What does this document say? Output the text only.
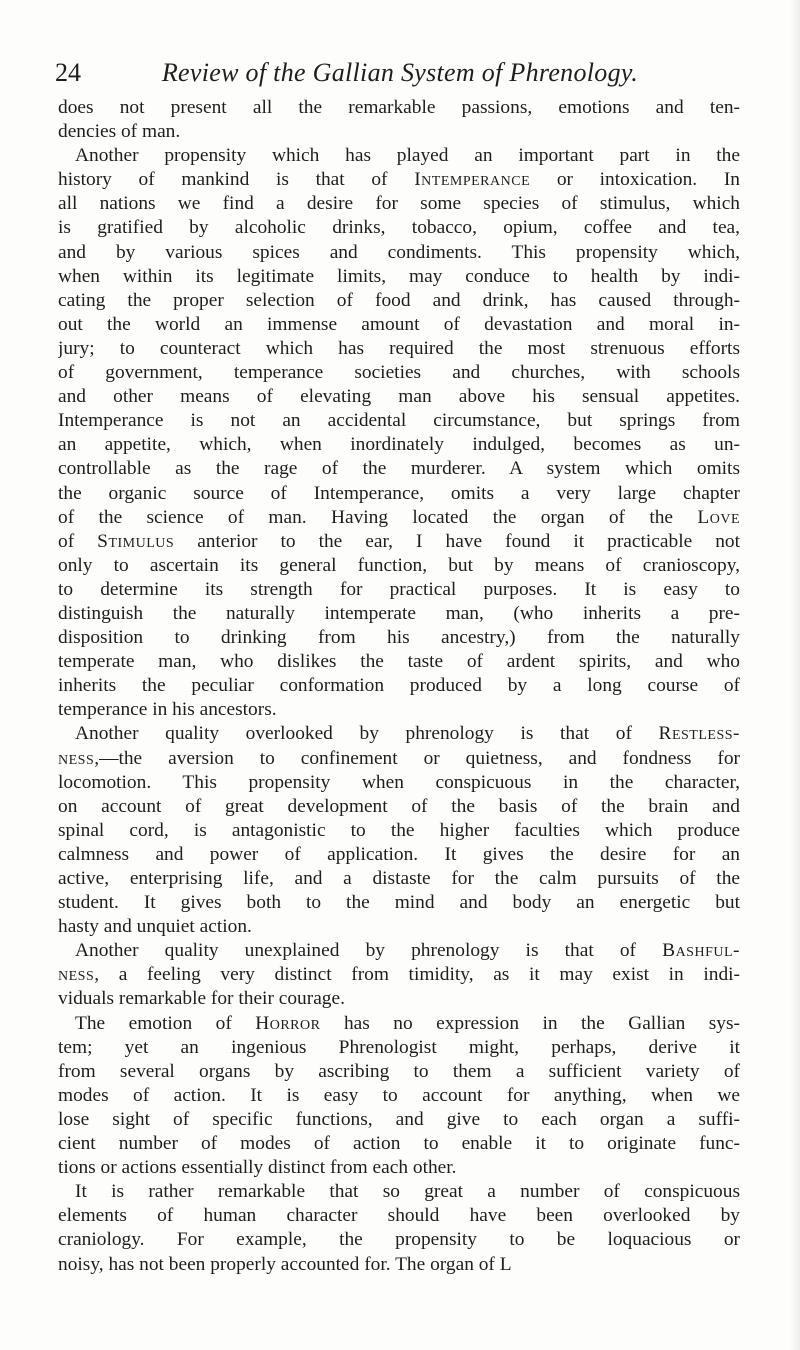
24	Review of the Gallian System of Phrenology.
does not present all the remarkable passions, emotions and ten-
dencies of man.
Another propensity which has played an important part in the
history of mankind is that of Intemperance or intoxication. In
all nations we find a desire for some species of stimulus, which
is gratified by alcoholic drinks, tobacco, opium, coffee and tea,
and by various spices and condiments. This propensity which,
when within its legitimate limits, may conduce to health by indi-
cating the proper selection of food and drink, has caused through-
out the world an immense amount of devastation and moral in-
jury; to counteract which has required the most strenuous efforts
of government, temperance societies and churches, with schools
and other means of elevating man above his sensual appetites.
Intemperance is not an accidental circumstance, but springs from
an appetite, which, when inordinately indulged, becomes as un-
controllable as the rage of the murderer. A system which omits
the organic source of Intemperance, omits a very large chapter
of the science of man. Having located the organ of the Love
of Stimulus anterior to the ear, I have found it practicable not
only to ascertain its general function, but by means of cranioscopy,
to determine its strength for practical purposes. It is easy to
distinguish the naturally intemperate man, (who inherits a pre-
disposition to drinking from his ancestry,) from the naturally
temperate man, who dislikes the taste of ardent spirits, and who
inherits the peculiar conformation produced by a long course of
temperance in his ancestors.
Another quality overlooked by phrenology is that of Restless-
ness,—the aversion to confinement or quietness, and fondness for
locomotion. This propensity when conspicuous in the character,
on account of great development of the basis of the brain and
spinal cord, is antagonistic to the higher faculties which produce
calmness and power of application. It gives the desire for an
active, enterprising life, and a distaste for the calm pursuits of the
student. It gives both to the mind and body an energetic but
hasty and unquiet action.
Another quality unexplained by phrenology is that of Bashful-
ness, a feeling very distinct from timidity, as it may exist in indi-
viduals remarkable for their courage.
The emotion of Horror has no expression in the Gallian sys-
tem; yet an ingenious Phrenologist might, perhaps, derive it
from several organs by ascribing to them a sufficient variety of
modes of action. It is easy to account for anything, when we
lose sight of specific functions, and give to each organ a suffi-
cient number of modes of action to enable it to originate func-
tions or actions essentially distinct from each other.
It is rather remarkable that so great a number of conspicuous
elements of human character should have been overlooked by
craniology. For example, the propensity to be loquacious or
noisy, has not been properly accounted for. The organ of L
